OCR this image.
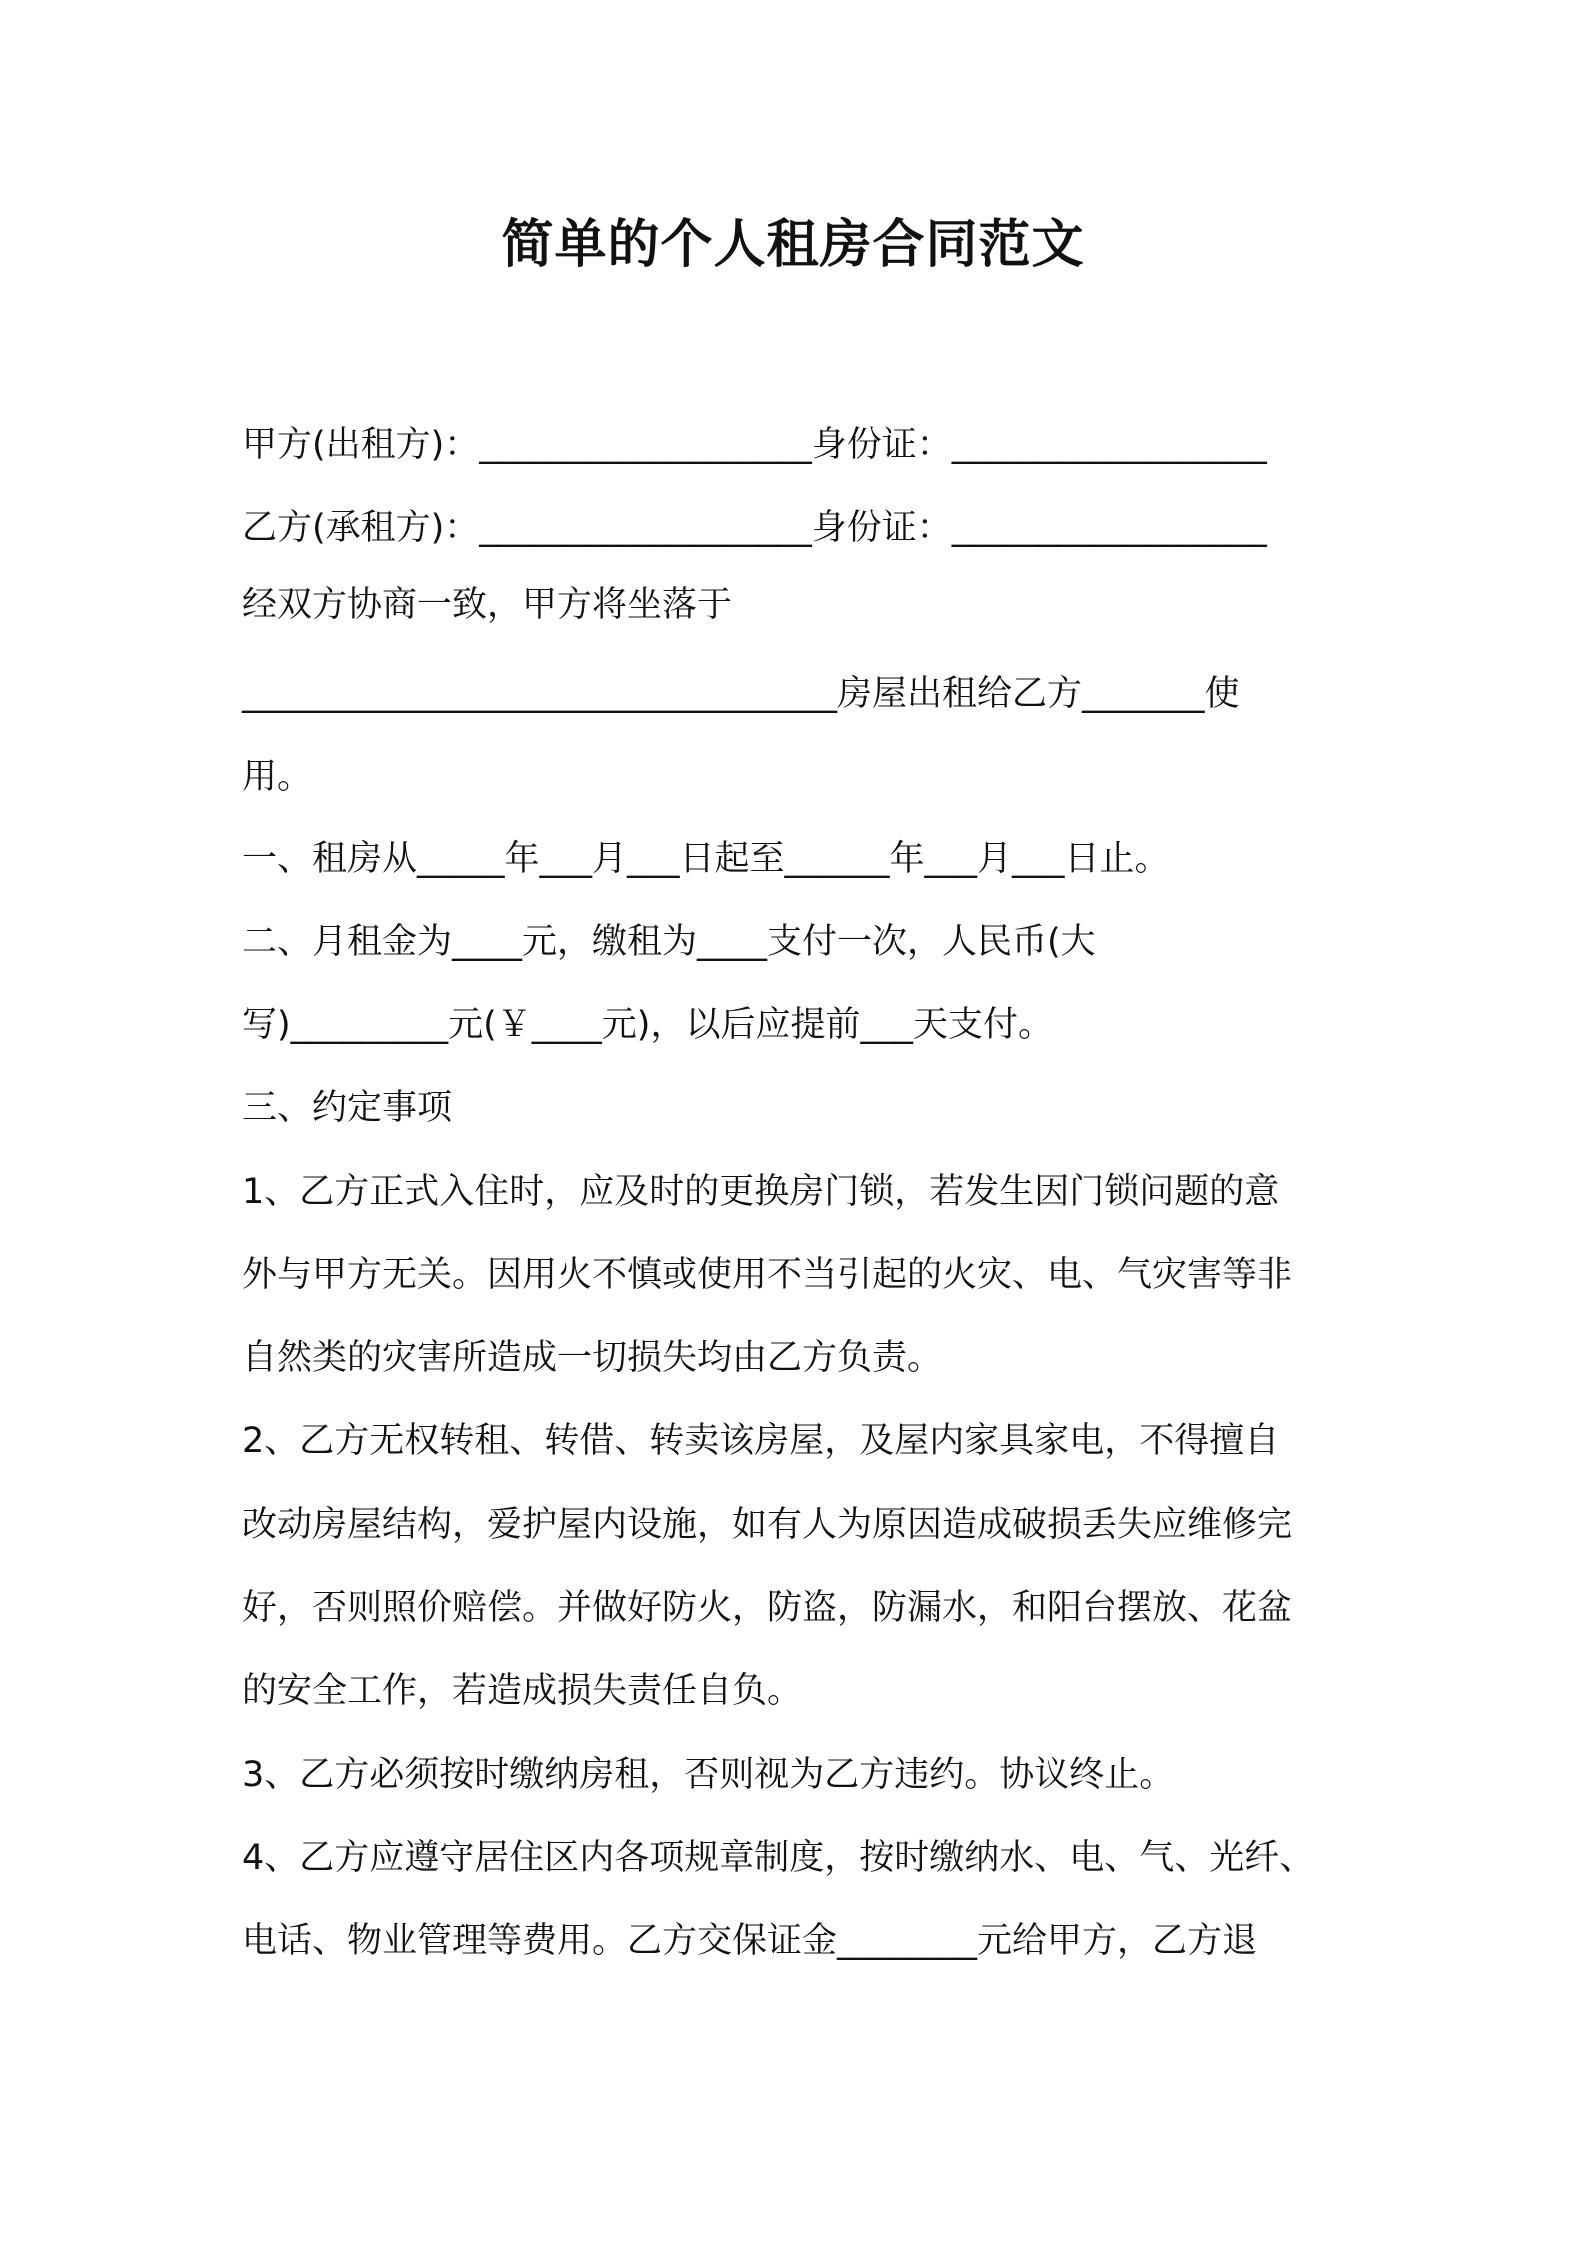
简单的个人租房合同范文
甲方(出租方)：___________________身份证：__________________
乙方(承租方)：___________________身份证：__________________
经双方协商一致，甲方将坐落于
__________________________________房屋出租给乙方_______使
用。
一、租房从_____年___月___日起至______年___月___日止。
二、月租金为____元，缴租为____支付一次，人民币(大
写)_________元(￥____元)，以后应提前___天支付。
三、约定事项
1、乙方正式入住时，应及时的更换房门锁，若发生因门锁问题的意
外与甲方无关。因用火不慎或使用不当引起的火灾、电、气灾害等非
自然类的灾害所造成一切损失均由乙方负责。
2、乙方无权转租、转借、转卖该房屋，及屋内家具家电，不得擅自
改动房屋结构，爱护屋内设施，如有人为原因造成破损丢失应维修完
好，否则照价赔偿。并做好防火，防盗，防漏水，和阳台摆放、花盆
的安全工作，若造成损失责任自负。
3、乙方必须按时缴纳房租，否则视为乙方违约。协议终止。
4、乙方应遵守居住区内各项规章制度，按时缴纳水、电、气、光纤、
电话、物业管理等费用。乙方交保证金________元给甲方，乙方退
